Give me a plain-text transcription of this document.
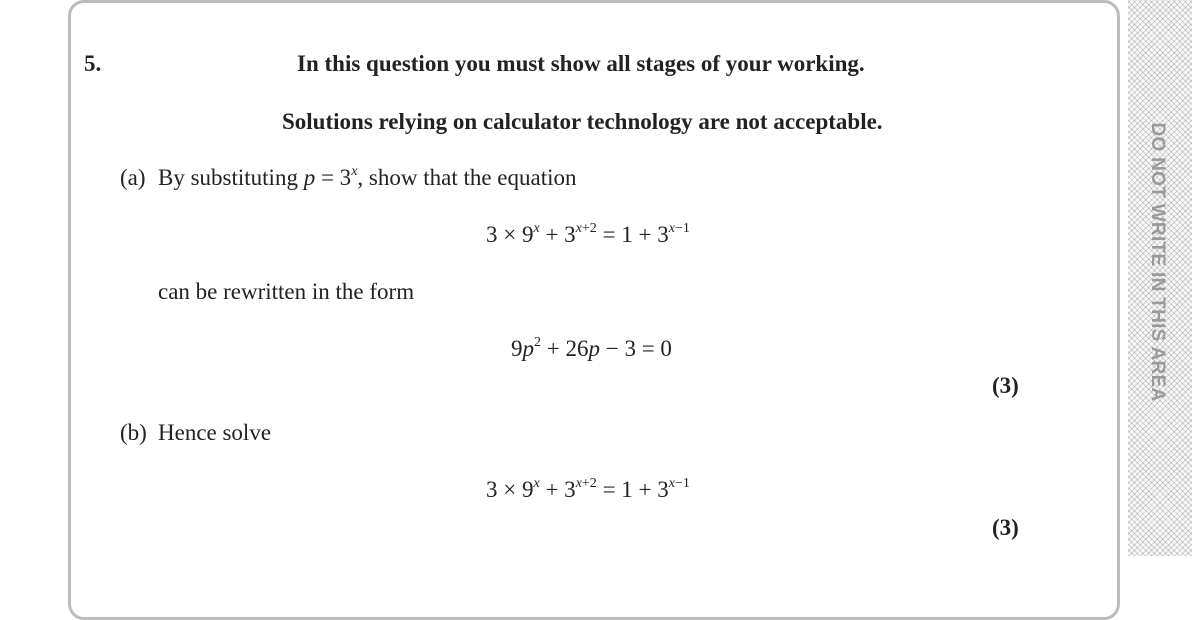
5.	In this question you must show all stages of your working.
Solutions relying on calculator technology are not acceptable.
(a) By substituting $p = 3^x$, show that the equation
$3 \times 9^x + 3^{x+2} = 1 + 3^{x-1}$
can be rewritten in the form
$9p^2 + 26p - 3 = 0$
(3)
(b) Hence solve
$3 \times 9^x + 3^{x+2} = 1 + 3^{x-1}$
(3)
DO NOT WRITE IN THIS AREA
